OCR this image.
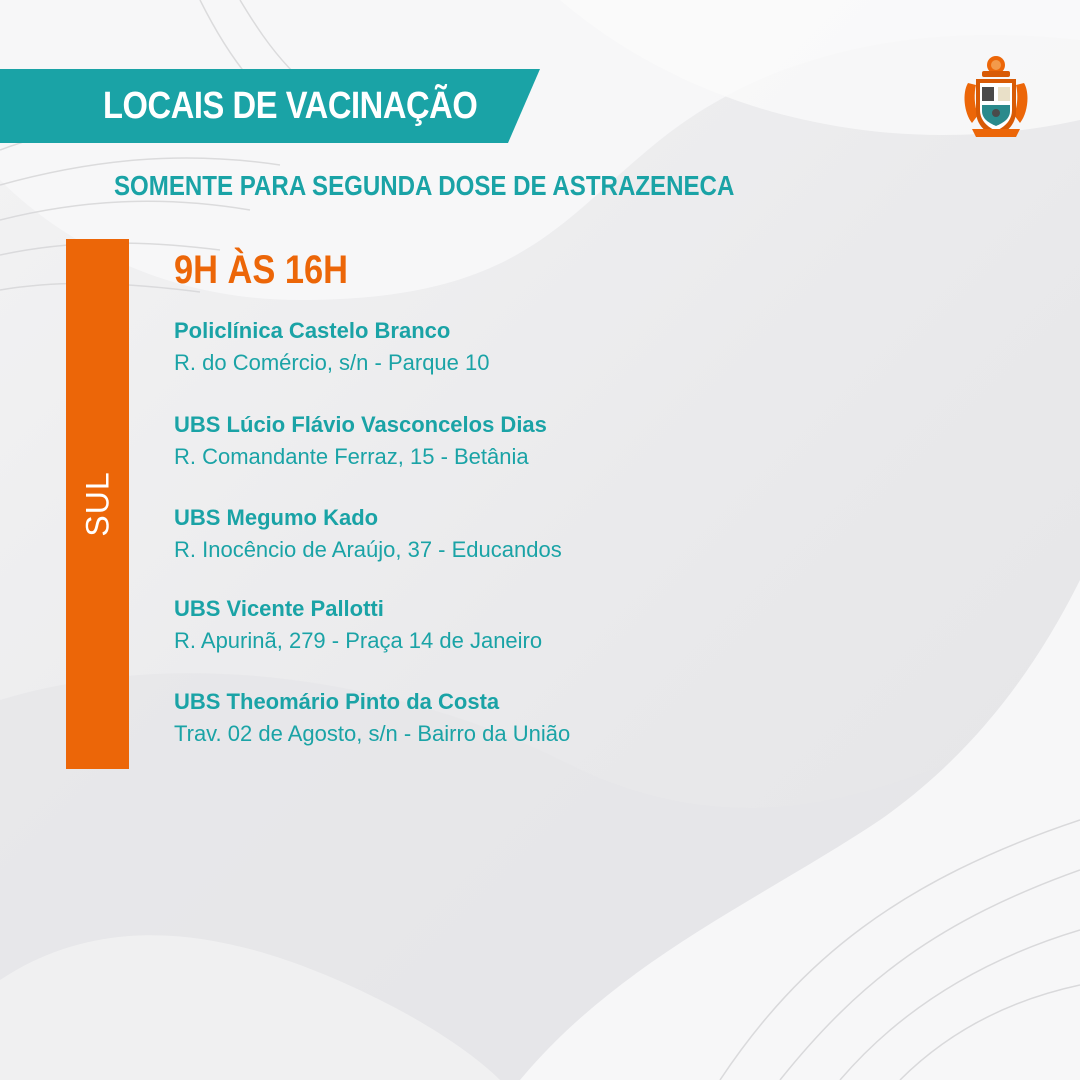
LOCAIS DE VACINAÇÃO
SOMENTE PARA SEGUNDA DOSE DE ASTRAZENECA
SUL
9H ÀS 16H
Policlínica Castelo Branco
R. do Comércio, s/n - Parque 10
UBS Lúcio Flávio Vasconcelos Dias
R. Comandante Ferraz, 15 - Betânia
UBS Megumo Kado
R. Inocêncio de Araújo, 37 - Educandos
UBS Vicente Pallotti
R. Apurinã, 279 - Praça 14 de Janeiro
UBS Theomário Pinto da Costa
Trav. 02 de Agosto, s/n - Bairro da União
